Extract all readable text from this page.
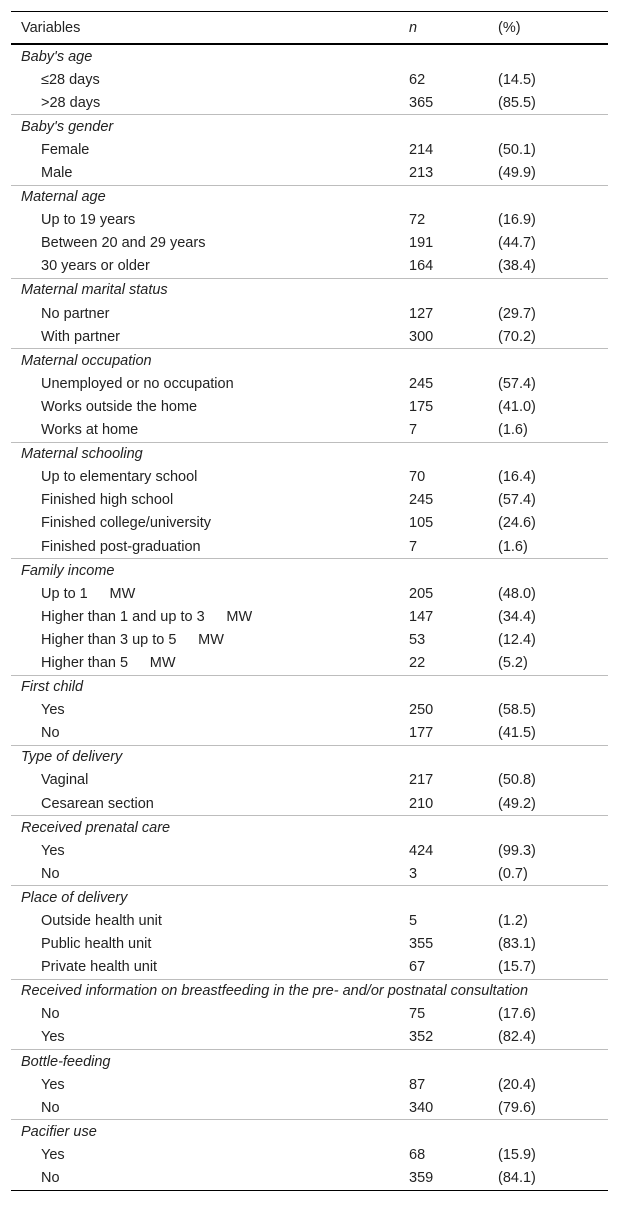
Variables	n	(%)
Baby's age		
≤28 days	62	(14.5)
>28 days	365	(85.5)
Baby's gender		
Female	214	(50.1)
Male	213	(49.9)
Maternal age		
Up to 19 years	72	(16.9)
Between 20 and 29 years	191	(44.7)
30 years or older	164	(38.4)
Maternal marital status		
No partner	127	(29.7)
With partner	300	(70.2)
Maternal occupation		
Unemployed or no occupation	245	(57.4)
Works outside the home	175	(41.0)
Works at home	7	(1.6)
Maternal schooling		
Up to elementary school	70	(16.4)
Finished high school	245	(57.4)
Finished college/university	105	(24.6)
Finished post-graduation	7	(1.6)
Family income		
Up to 1  MW	205	(48.0)
Higher than 1 and up to 3  MW	147	(34.4)
Higher than 3 up to 5  MW	53	(12.4)
Higher than 5  MW	22	(5.2)
First child		
Yes	250	(58.5)
No	177	(41.5)
Type of delivery		
Vaginal	217	(50.8)
Cesarean section	210	(49.2)
Received prenatal care		
Yes	424	(99.3)
No	3	(0.7)
Place of delivery		
Outside health unit	5	(1.2)
Public health unit	355	(83.1)
Private health unit	67	(15.7)
Received information on breastfeeding in the pre- and/or postnatal consultation		
No	75	(17.6)
Yes	352	(82.4)
Bottle-feeding		
Yes	87	(20.4)
No	340	(79.6)
Pacifier use		
Yes	68	(15.9)
No	359	(84.1)
